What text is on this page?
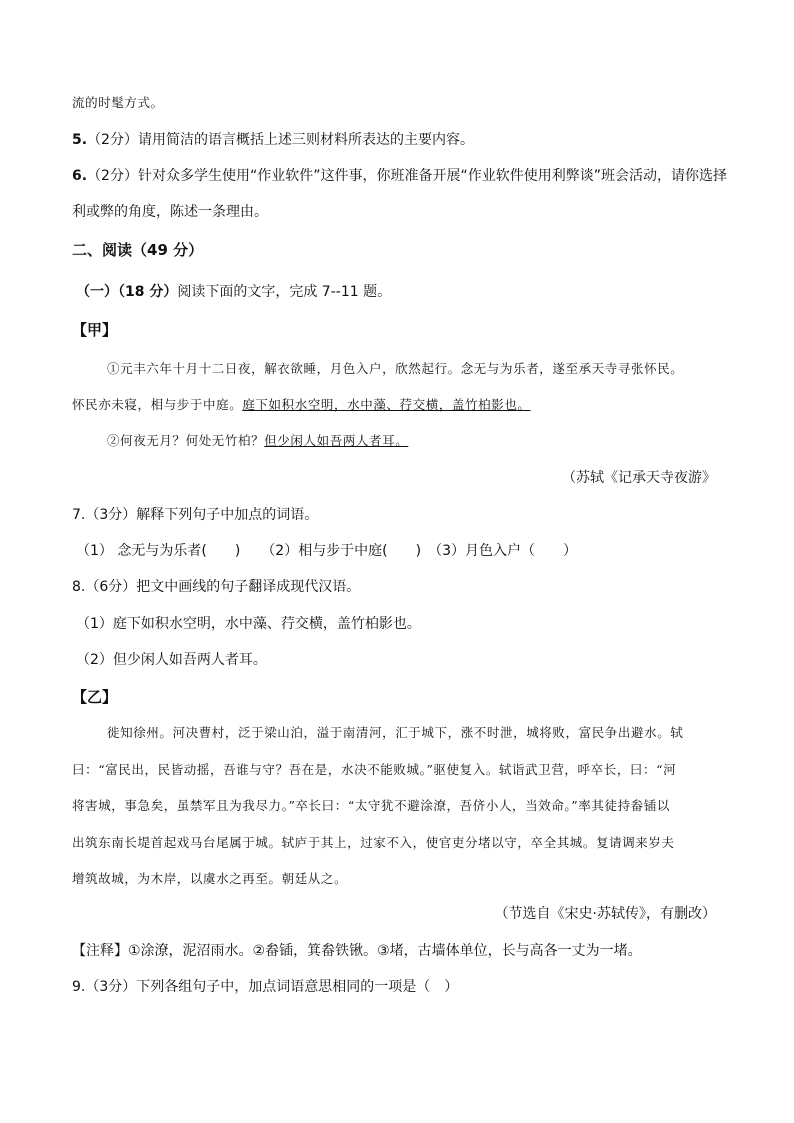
流的时髦方式。
5.（2分）请用简洁的语言概括上述三则材料所表达的主要内容。
6.（2分）针对众多学生使用“作业软件”这件事，你班准备开展“作业软件使用利弊谈”班会活动，请你选择
利或弊的角度，陈述一条理由。
二、阅读（49 分）
（一）（18 分）阅读下面的文字，完成 7--11 题。
【甲】
①元丰六年十月十二日夜，解衣欲睡，月色入户，欣然起行。念无与为乐者，遂至承天寺寻张怀民。
怀民亦未寝，相与步于中庭。庭下如积水空明，水中藻、荇交横，盖竹柏影也。
②何夜无月？何处无竹柏？但少闲人如吾两人者耳。
（苏轼《记承天寺夜游》
7.（3分）解释下列句子中加点的词语。
（1） 念无与为乐者(　　)　　（2）相与步于中庭(　　)　（3）月色入户（　　）
8.（6分）把文中画线的句子翻译成现代汉语。
（1）庭下如积水空明，水中藻、荇交横，盖竹柏影也。
（2）但少闲人如吾两人者耳。
【乙】
徙知徐州。河决曹村，泛于梁山泊，溢于南清河，汇于城下，涨不时泄，城将败，富民争出避水。轼
曰：“富民出，民皆动摇，吾谁与守？吾在是，水决不能败城。”驱使复入。轼诣武卫营，呼卒长，曰：“河
将害城，事急矣，虽禁军且为我尽力。”卒长曰：“太守犹不避涂潦，吾侪小人，当效命。”率其徒持畚锸以
出筑东南长堤首起戏马台尾属于城。轼庐于其上，过家不入，使官吏分堵以守，卒全其城。复请调来岁夫
增筑故城，为木岸，以虞水之再至。朝廷从之。
（节选自《宋史·苏轼传》，有删改）
【注释】①涂潦，泥沼雨水。②畚锸，箕畚铁锹。③堵，古墙体单位，长与高各一丈为一堵。
9.（3分）下列各组句子中，加点词语意思相同的一项是（　）
